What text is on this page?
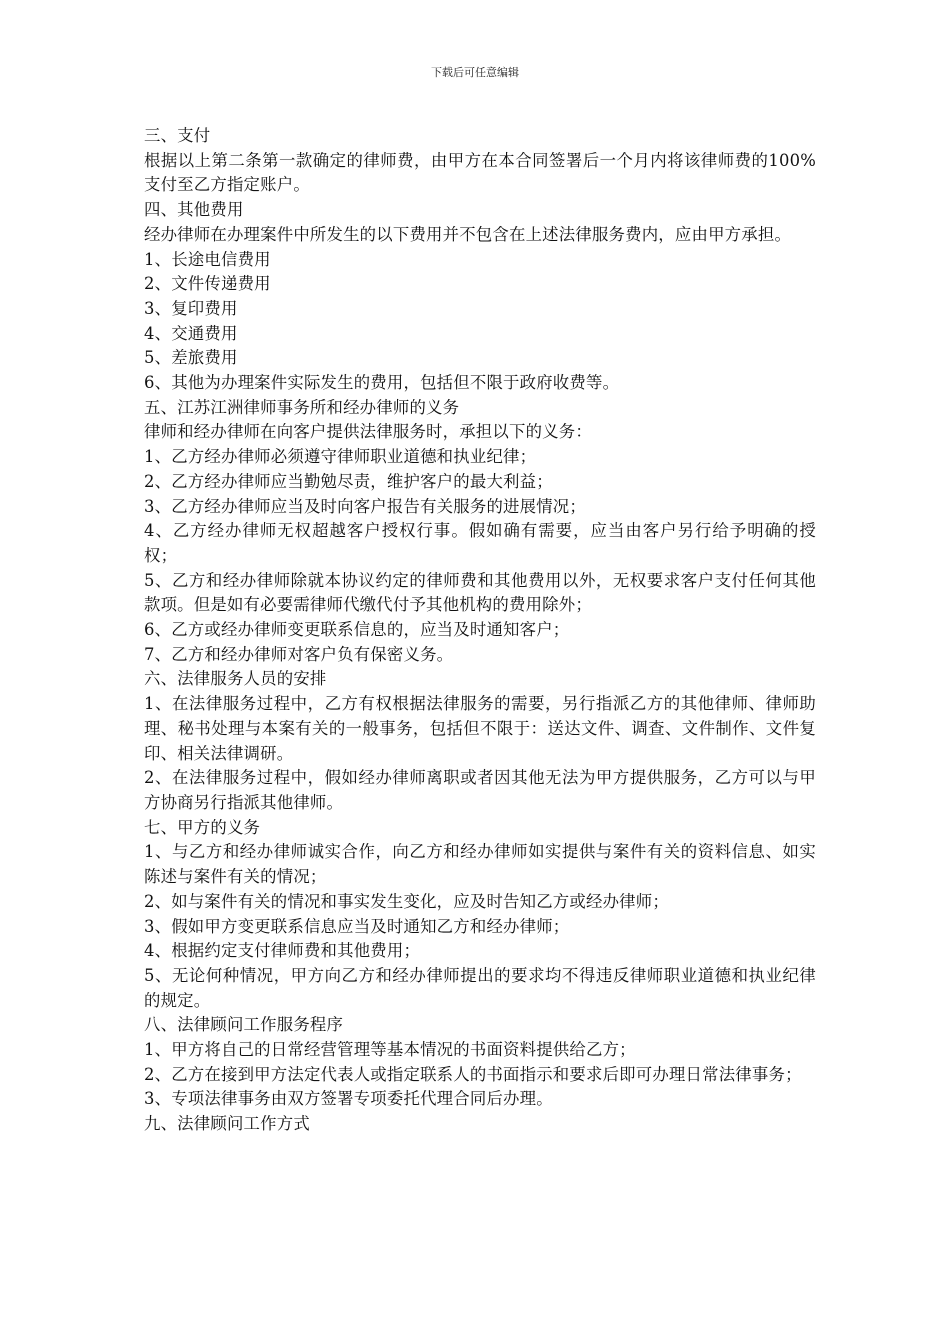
下载后可任意编辑

三、支付

根据以上第二条第一款确定的律师费，由甲方在本合同签署后一个月内将该律师费的100%支付至乙方指定账户。

四、其他费用

经办律师在办理案件中所发生的以下费用并不包含在上述法律服务费内，应由甲方承担。

1、长途电信费用

2、文件传递费用

3、复印费用

4、交通费用

5、差旅费用

6、其他为办理案件实际发生的费用，包括但不限于政府收费等。

五、江苏江洲律师事务所和经办律师的义务

律师和经办律师在向客户提供法律服务时，承担以下的义务：

1、乙方经办律师必须遵守律师职业道德和执业纪律；

2、乙方经办律师应当勤勉尽责，维护客户的最大利益；

3、乙方经办律师应当及时向客户报告有关服务的进展情况；

4、乙方经办律师无权超越客户授权行事。假如确有需要，应当由客户另行给予明确的授权；

5、乙方和经办律师除就本协议约定的律师费和其他费用以外，无权要求客户支付任何其他款项。但是如有必要需律师代缴代付予其他机构的费用除外；

6、乙方或经办律师变更联系信息的，应当及时通知客户；

7、乙方和经办律师对客户负有保密义务。

六、法律服务人员的安排

1、在法律服务过程中，乙方有权根据法律服务的需要，另行指派乙方的其他律师、律师助理、秘书处理与本案有关的一般事务，包括但不限于：送达文件、调查、文件制作、文件复印、相关法律调研。

2、在法律服务过程中，假如经办律师离职或者因其他无法为甲方提供服务，乙方可以与甲方协商另行指派其他律师。

七、甲方的义务

1、与乙方和经办律师诚实合作，向乙方和经办律师如实提供与案件有关的资料信息、如实陈述与案件有关的情况；

2、如与案件有关的情况和事实发生变化，应及时告知乙方或经办律师；

3、假如甲方变更联系信息应当及时通知乙方和经办律师；

4、根据约定支付律师费和其他费用；

5、无论何种情况，甲方向乙方和经办律师提出的要求均不得违反律师职业道德和执业纪律的规定。

八、法律顾问工作服务程序

1、甲方将自己的日常经营管理等基本情况的书面资料提供给乙方；

2、乙方在接到甲方法定代表人或指定联系人的书面指示和要求后即可办理日常法律事务；

3、专项法律事务由双方签署专项委托代理合同后办理。

九、法律顾问工作方式
